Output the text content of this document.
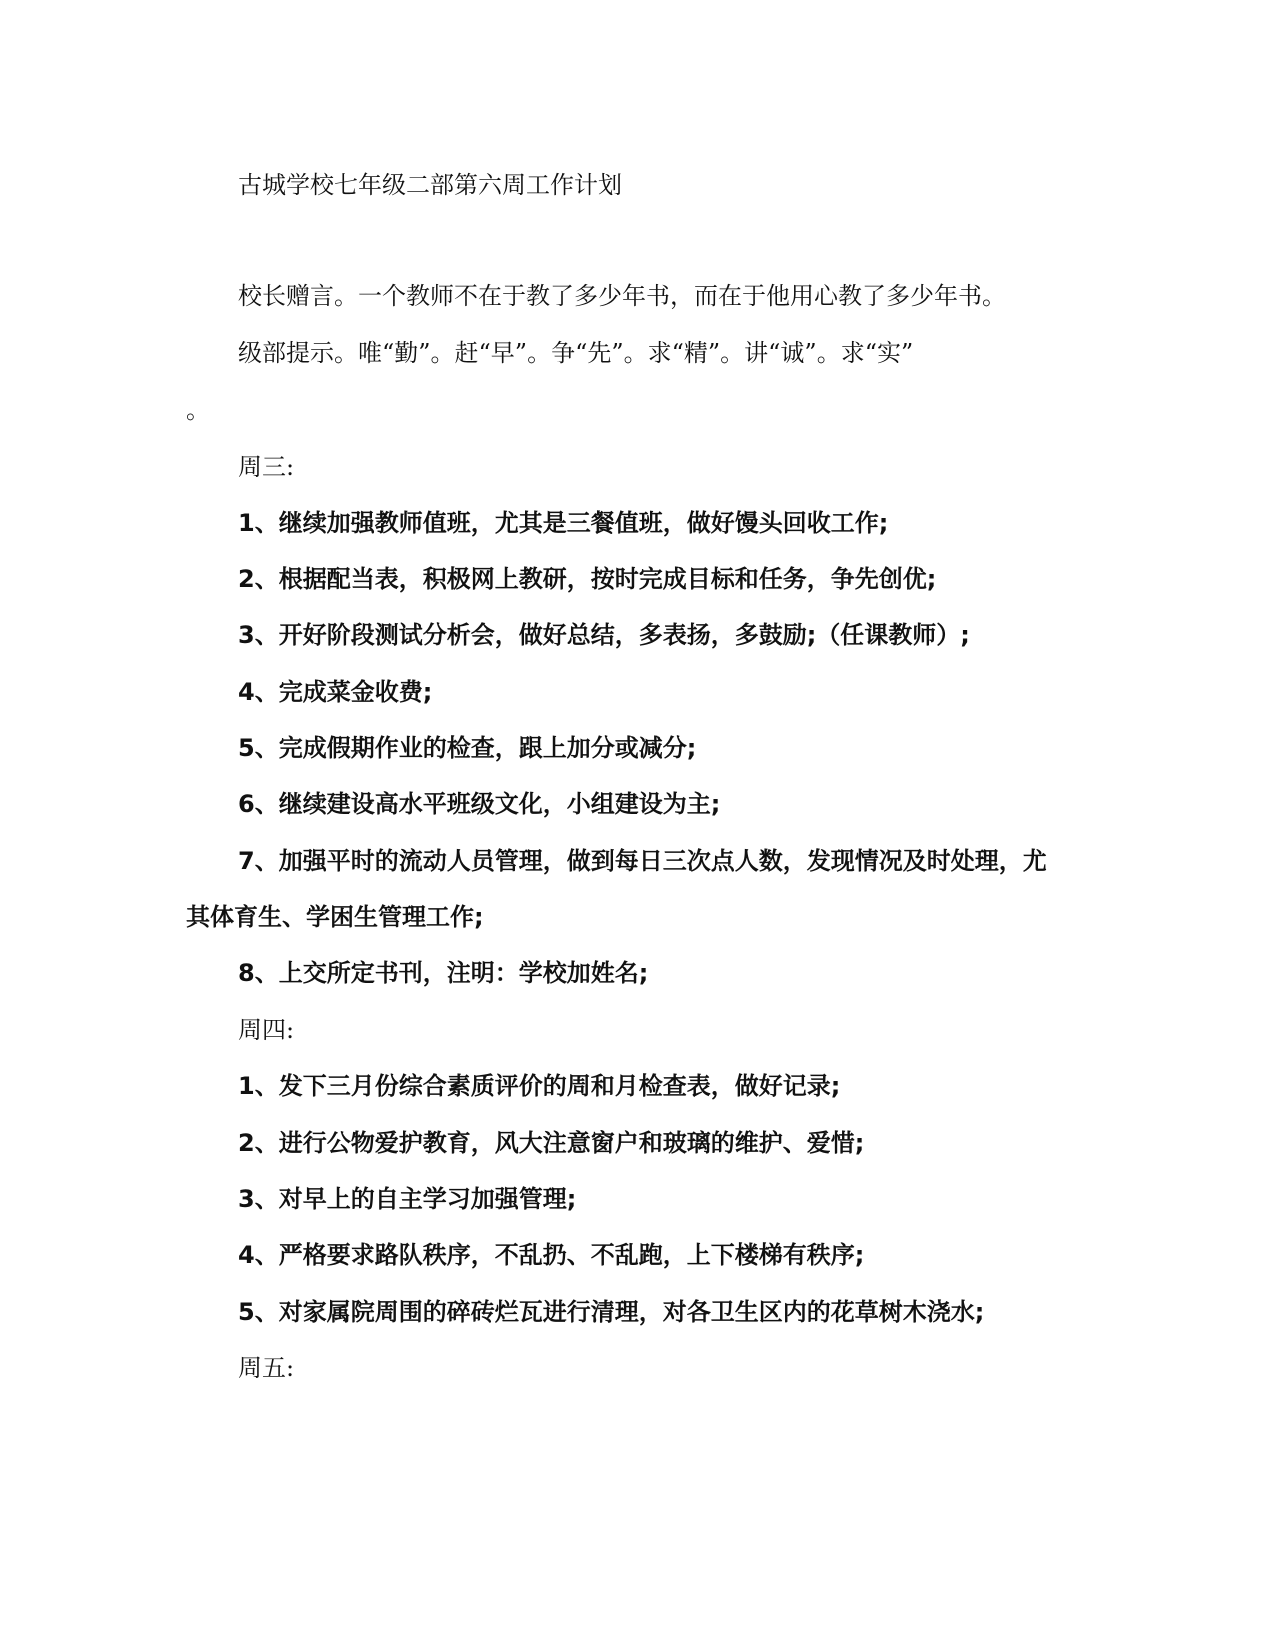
古城学校七年级二部第六周工作计划
校长赠言。一个教师不在于教了多少年书，而在于他用心教了多少年书。
级部提示。唯“勤”。赶“早”。争“先”。求“精”。讲“诚”。求“实”
。
周三:
1、继续加强教师值班，尤其是三餐值班，做好馒头回收工作;
2、根据配当表，积极网上教研，按时完成目标和任务，争先创优;
3、开好阶段测试分析会，做好总结，多表扬，多鼓励;（任课教师）;
4、完成菜金收费;
5、完成假期作业的检查，跟上加分或减分;
6、继续建设高水平班级文化，小组建设为主;
7、加强平时的流动人员管理，做到每日三次点人数，发现情况及时处理，尤
其体育生、学困生管理工作;
8、上交所定书刊，注明：学校加姓名;
周四:
1、发下三月份综合素质评价的周和月检查表，做好记录;
2、进行公物爱护教育，风大注意窗户和玻璃的维护、爱惜;
3、对早上的自主学习加强管理;
4、严格要求路队秩序，不乱扔、不乱跑，上下楼梯有秩序;
5、对家属院周围的碎砖烂瓦进行清理，对各卫生区内的花草树木浇水;
周五:
